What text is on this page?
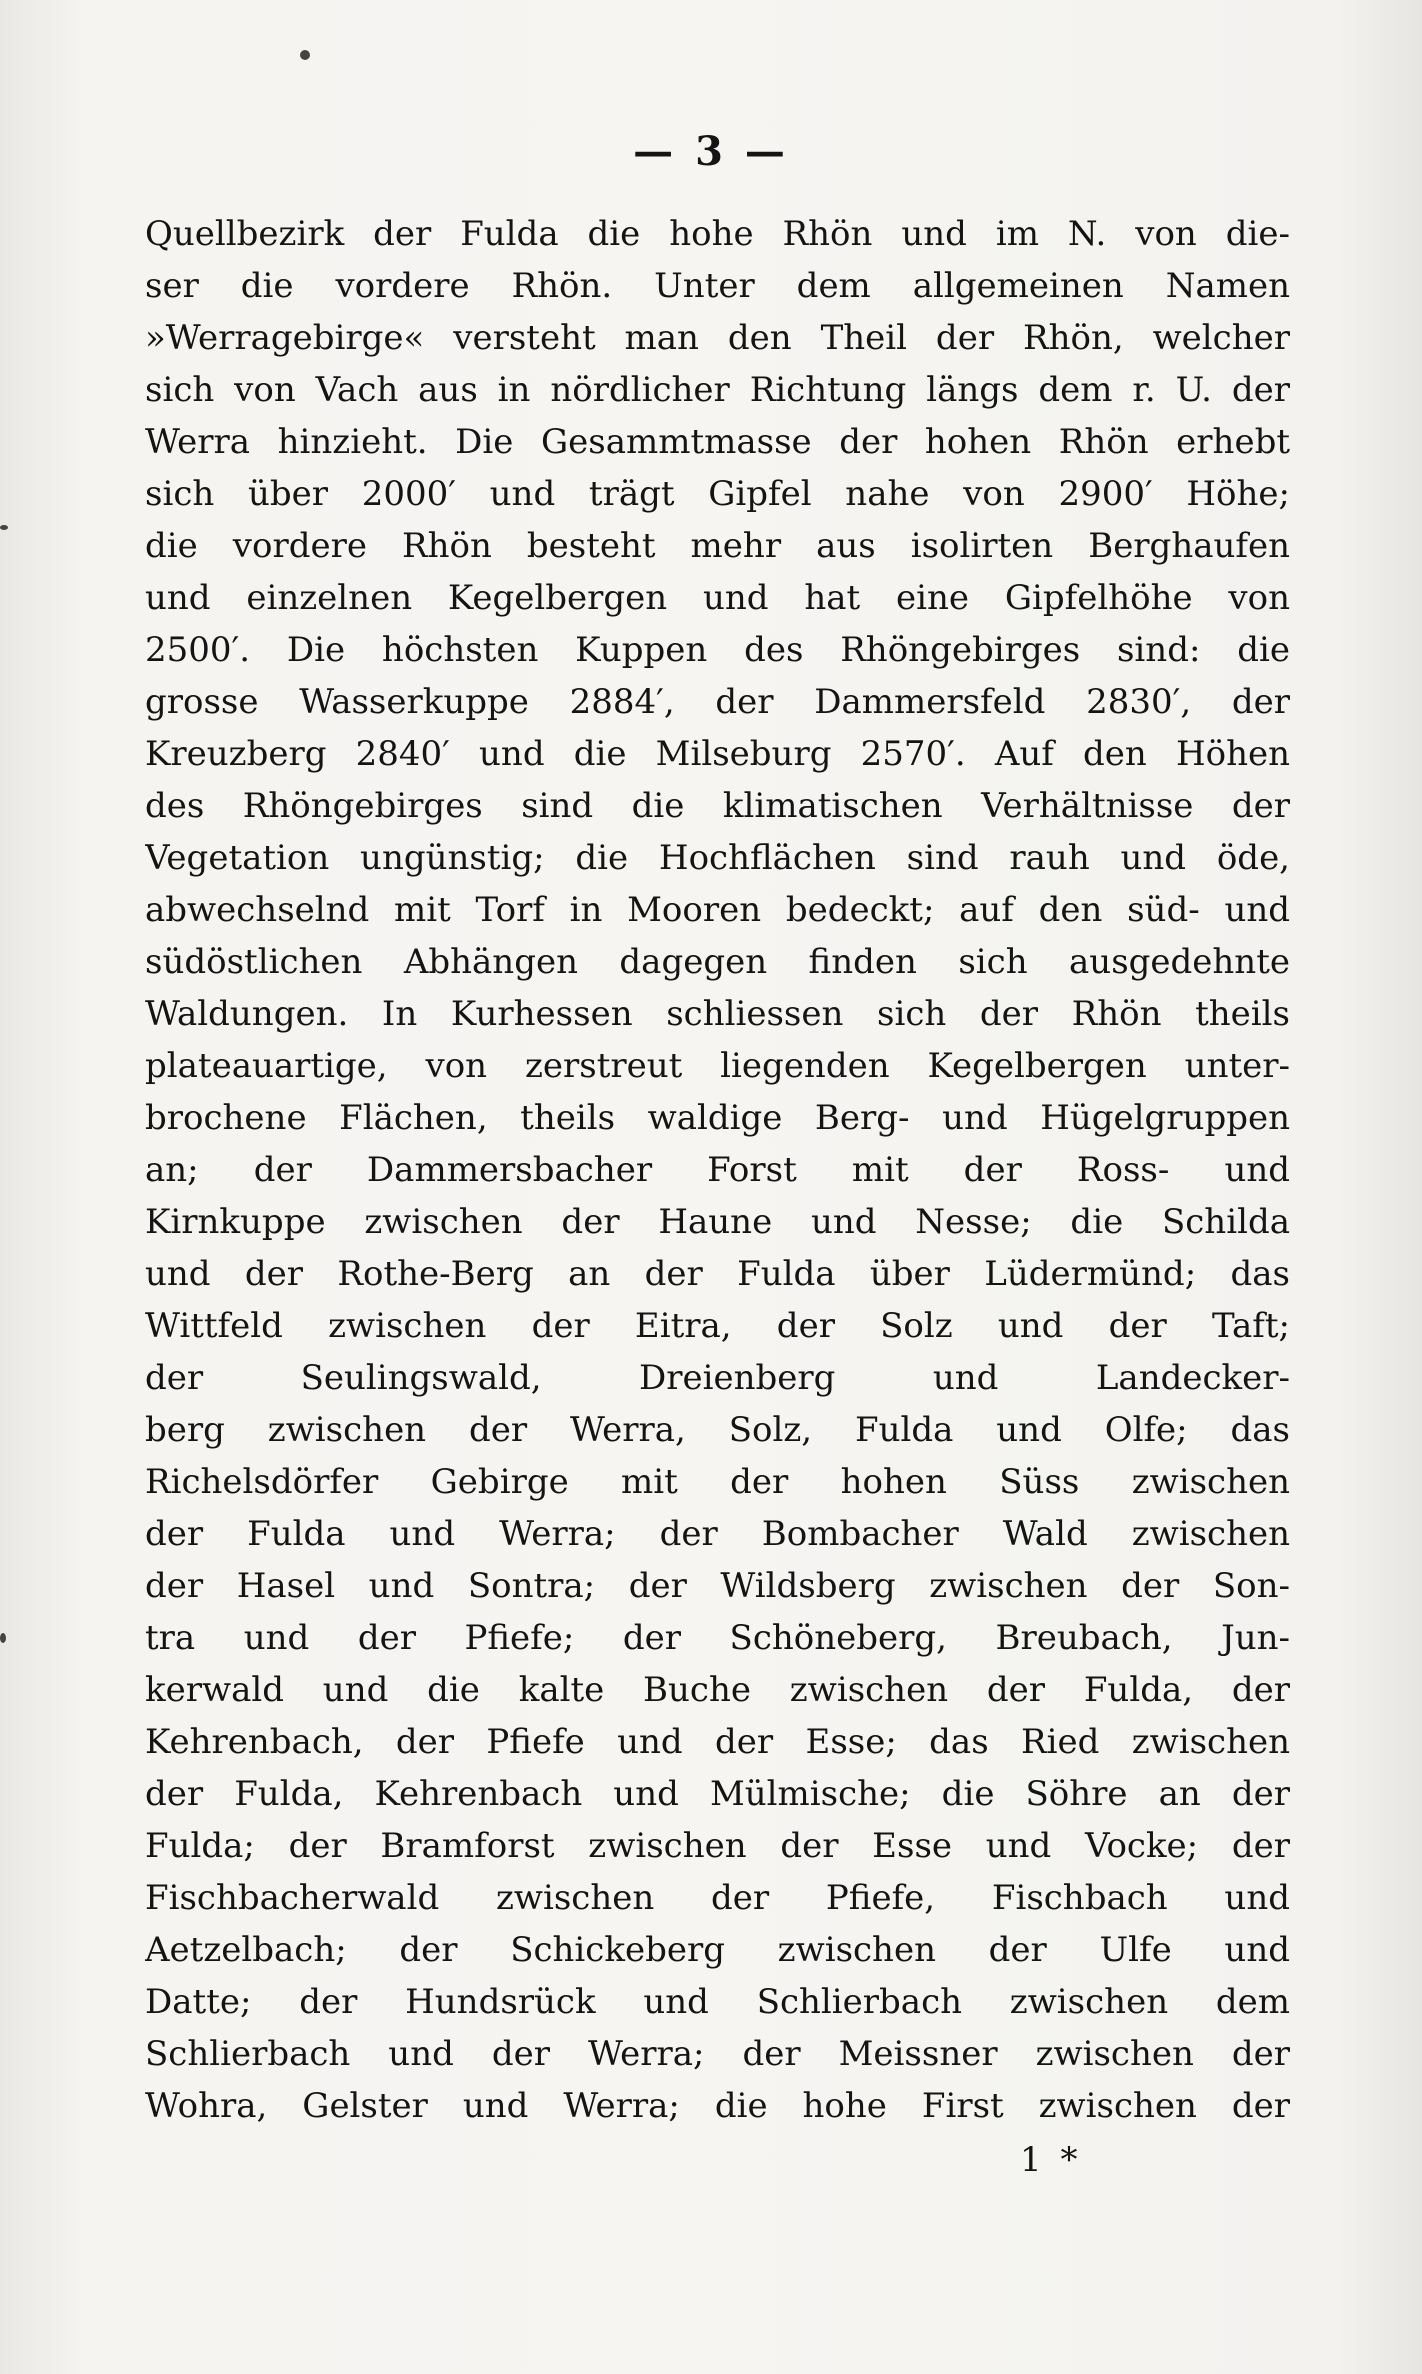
— 3 —
Quellbezirk der Fulda die hohe Rhön und im N. von die-
ser die vordere Rhön. Unter dem allgemeinen Namen
»Werragebirge« versteht man den Theil der Rhön, welcher
sich von Vach aus in nördlicher Richtung längs dem r. U. der
Werra hinzieht. Die Gesammtmasse der hohen Rhön erhebt
sich über 2000′ und trägt Gipfel nahe von 2900′ Höhe;
die vordere Rhön besteht mehr aus isolirten Berghaufen
und einzelnen Kegelbergen und hat eine Gipfelhöhe von
2500′. Die höchsten Kuppen des Rhöngebirges sind: die
grosse Wasserkuppe 2884′, der Dammersfeld 2830′, der
Kreuzberg 2840′ und die Milseburg 2570′. Auf den Höhen
des Rhöngebirges sind die klimatischen Verhältnisse der
Vegetation ungünstig; die Hochflächen sind rauh und öde,
abwechselnd mit Torf in Mooren bedeckt; auf den süd- und
südöstlichen Abhängen dagegen finden sich ausgedehnte
Waldungen. In Kurhessen schliessen sich der Rhön theils
plateauartige, von zerstreut liegenden Kegelbergen unter-
brochene Flächen, theils waldige Berg- und Hügelgruppen
an; der Dammersbacher Forst mit der Ross- und
Kirnkuppe zwischen der Haune und Nesse; die Schilda
und der Rothe-Berg an der Fulda über Lüdermünd; das
Wittfeld zwischen der Eitra, der Solz und der Taft;
der Seulingswald, Dreienberg und Landecker-
berg zwischen der Werra, Solz, Fulda und Olfe; das
Richelsdörfer Gebirge mit der hohen Süss zwischen
der Fulda und Werra; der Bombacher Wald zwischen
der Hasel und Sontra; der Wildsberg zwischen der Son-
tra und der Pfiefe; der Schöneberg, Breubach, Jun-
kerwald und die kalte Buche zwischen der Fulda, der
Kehrenbach, der Pfiefe und der Esse; das Ried zwischen
der Fulda, Kehrenbach und Mülmische; die Söhre an der
Fulda; der Bramforst zwischen der Esse und Vocke; der
Fischbacherwald zwischen der Pfiefe, Fischbach und
Aetzelbach; der Schickeberg zwischen der Ulfe und
Datte; der Hundsrück und Schlierbach zwischen dem
Schlierbach und der Werra; der Meissner zwischen der
Wohra, Gelster und Werra; die hohe First zwischen der
1 *
